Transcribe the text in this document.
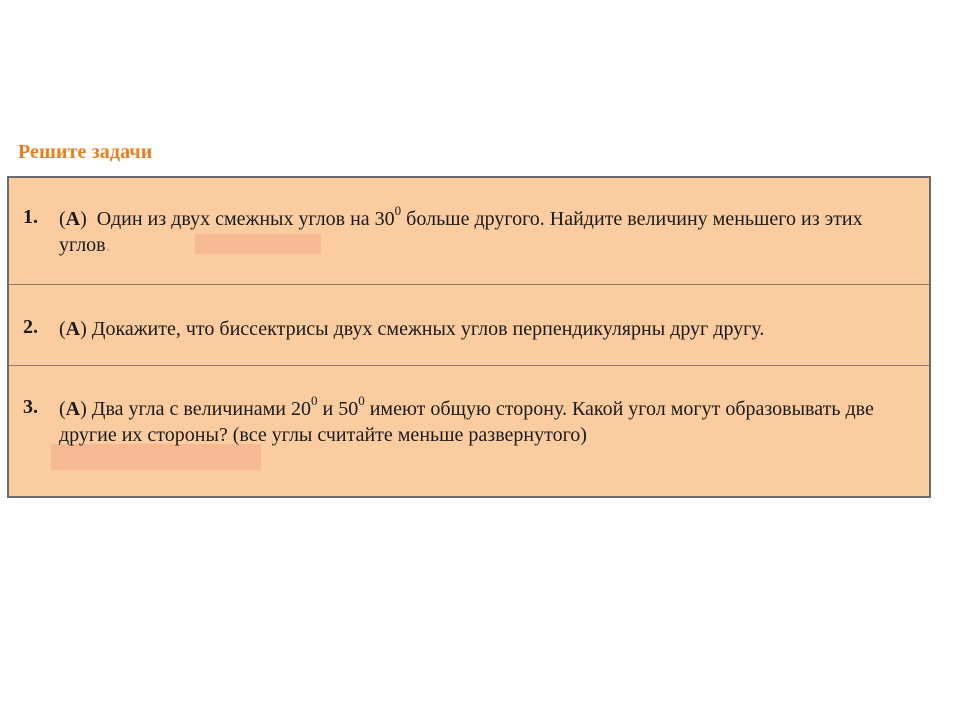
Решите задачи
1. (А)  Один из двух смежных углов на $30^0$ больше другого. Найдите величину меньшего из этих углов.
2. (А) Докажите, что биссектрисы двух смежных углов перпендикулярны друг другу.
3. (А) Два угла с величинами $20^0$ и $50^0$ имеют общую сторону. Какой угол могут образовывать две другие их стороны? (все углы считайте меньше развернутого)
